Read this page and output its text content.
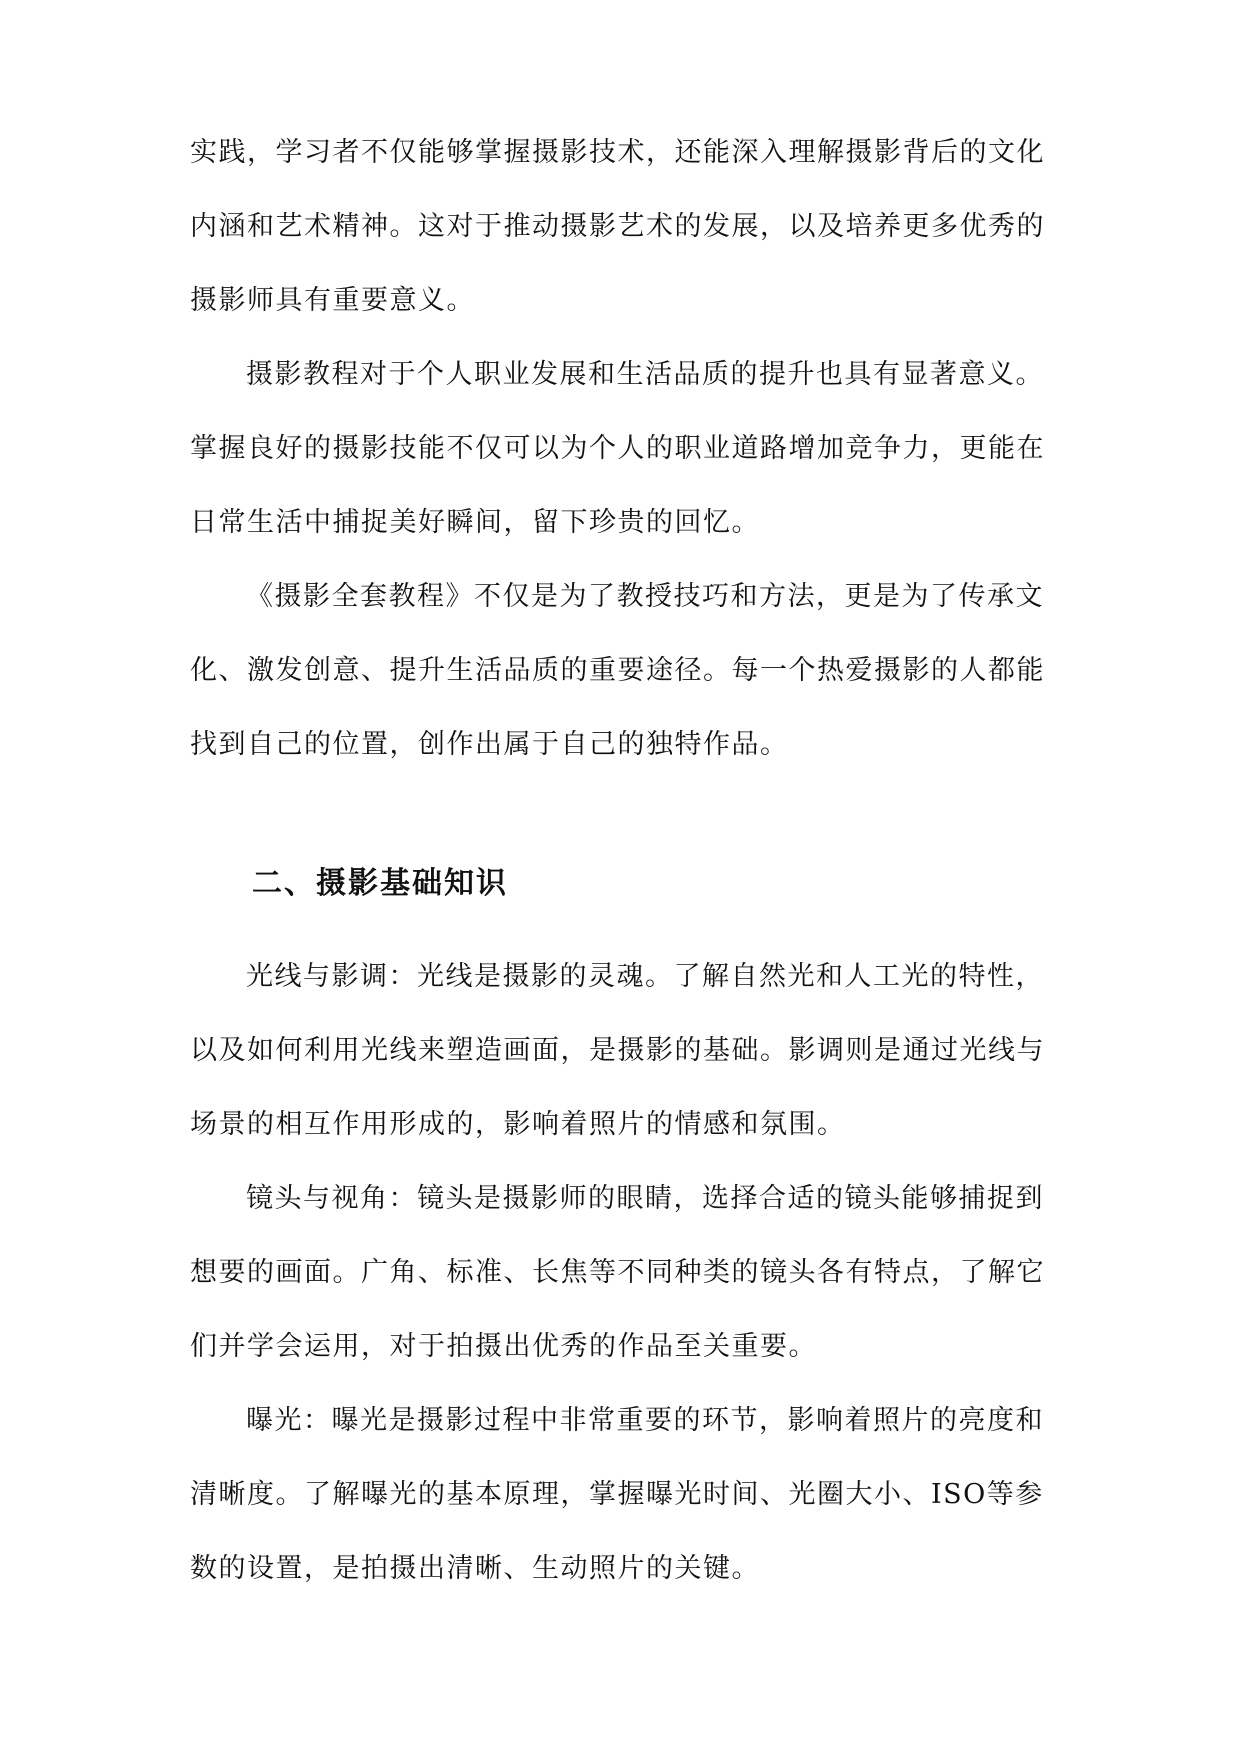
实践，学习者不仅能够掌握摄影技术，还能深入理解摄影背后的文化
内涵和艺术精神。这对于推动摄影艺术的发展，以及培养更多优秀的
摄影师具有重要意义。
摄影教程对于个人职业发展和生活品质的提升也具有显著意义。
掌握良好的摄影技能不仅可以为个人的职业道路增加竞争力，更能在
日常生活中捕捉美好瞬间，留下珍贵的回忆。
《摄影全套教程》不仅是为了教授技巧和方法，更是为了传承文
化、激发创意、提升生活品质的重要途径。每一个热爱摄影的人都能
找到自己的位置，创作出属于自己的独特作品。
二、摄影基础知识
光线与影调：光线是摄影的灵魂。了解自然光和人工光的特性，
以及如何利用光线来塑造画面，是摄影的基础。影调则是通过光线与
场景的相互作用形成的，影响着照片的情感和氛围。
镜头与视角：镜头是摄影师的眼睛，选择合适的镜头能够捕捉到
想要的画面。广角、标准、长焦等不同种类的镜头各有特点，了解它
们并学会运用，对于拍摄出优秀的作品至关重要。
曝光：曝光是摄影过程中非常重要的环节，影响着照片的亮度和
清晰度。了解曝光的基本原理，掌握曝光时间、光圈大小、ISO等参
数的设置，是拍摄出清晰、生动照片的关键。
